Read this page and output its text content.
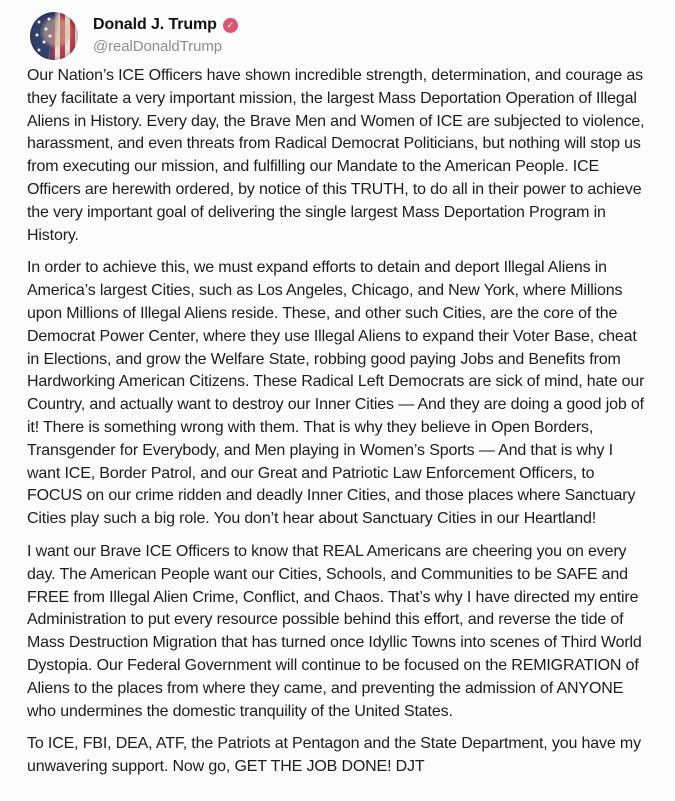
Donald J. Trump	✓
@realDonaldTrump

Our Nation’s ICE Officers have shown incredible strength, determination, and courage as they facilitate a very important mission, the largest Mass Deportation Operation of Illegal Aliens in History. Every day, the Brave Men and Women of ICE are subjected to violence, harassment, and even threats from Radical Democrat Politicians, but nothing will stop us from executing our mission, and fulfilling our Mandate to the American People. ICE Officers are herewith ordered, by notice of this TRUTH, to do all in their power to achieve the very important goal of delivering the single largest Mass Deportation Program in History.

In order to achieve this, we must expand efforts to detain and deport Illegal Aliens in America’s largest Cities, such as Los Angeles, Chicago, and New York, where Millions upon Millions of Illegal Aliens reside. These, and other such Cities, are the core of the Democrat Power Center, where they use Illegal Aliens to expand their Voter Base, cheat in Elections, and grow the Welfare State, robbing good paying Jobs and Benefits from Hardworking American Citizens. These Radical Left Democrats are sick of mind, hate our Country, and actually want to destroy our Inner Cities — And they are doing a good job of it! There is something wrong with them. That is why they believe in Open Borders, Transgender for Everybody, and Men playing in Women’s Sports — And that is why I want ICE, Border Patrol, and our Great and Patriotic Law Enforcement Officers, to FOCUS on our crime ridden and deadly Inner Cities, and those places where Sanctuary Cities play such a big role. You don’t hear about Sanctuary Cities in our Heartland!

I want our Brave ICE Officers to know that REAL Americans are cheering you on every day. The American People want our Cities, Schools, and Communities to be SAFE and FREE from Illegal Alien Crime, Conflict, and Chaos. That’s why I have directed my entire Administration to put every resource possible behind this effort, and reverse the tide of Mass Destruction Migration that has turned once Idyllic Towns into scenes of Third World Dystopia. Our Federal Government will continue to be focused on the REMIGRATION of Aliens to the places from where they came, and preventing the admission of ANYONE who undermines the domestic tranquility of the United States.

To ICE, FBI, DEA, ATF, the Patriots at Pentagon and the State Department, you have my unwavering support. Now go, GET THE JOB DONE! DJT
